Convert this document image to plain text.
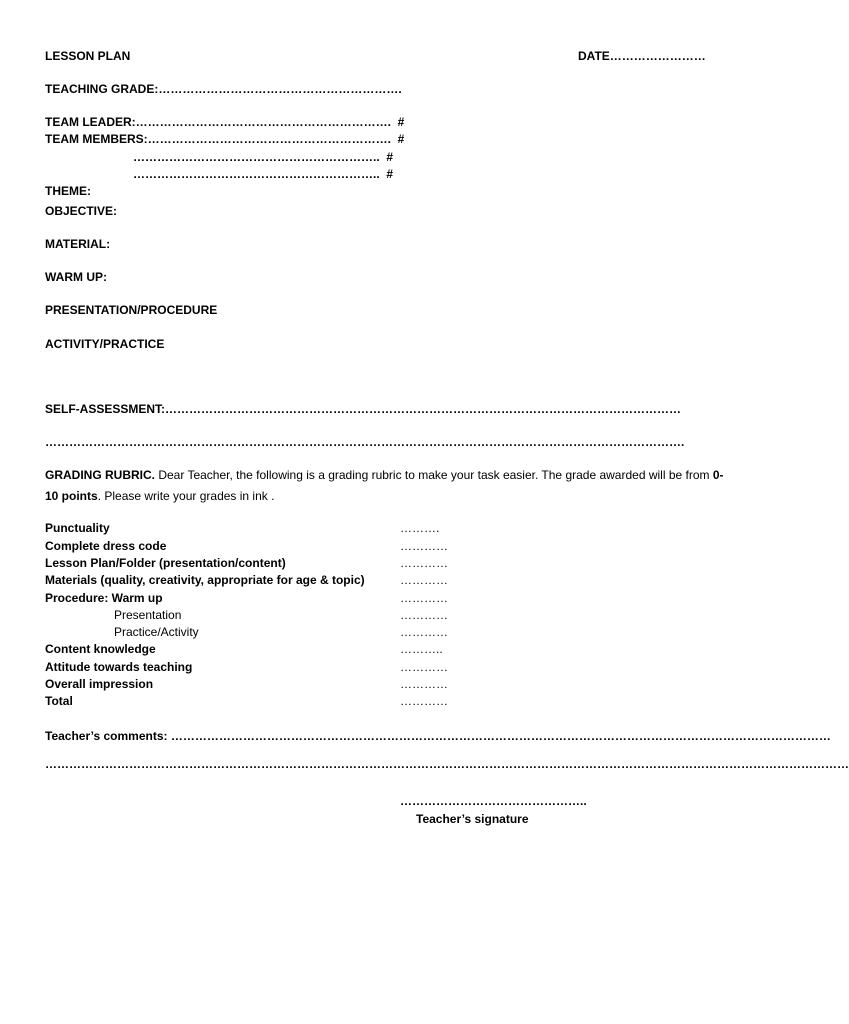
LESSON PLAN	DATE……………………
TEACHING GRADE:…………………………………………………….
TEAM LEADER:……………………………………………………….  #
TEAM MEMBERS:…………………………………………………….  #
……………………………………………………..  #
……………………………………………………..  #
THEME:
OBJECTIVE:
MATERIAL:
WARM UP:
PRESENTATION/PROCEDURE
ACTIVITY/PRACTICE
SELF-ASSESSMENT:…………………………………………………………………………………………………………………
…………………………………………………………………………………………………………………………………………….
GRADING RUBRIC. Dear Teacher, the following is a grading rubric to make your task easier. The grade awarded will be from 0-10 points. Please write your grades in ink .
Punctuality	……….
Complete dress code	…………
Lesson Plan/Folder (presentation/content)	…………
Materials (quality, creativity, appropriate for age & topic)	…………
Procedure: Warm up	…………
Presentation	…………
Practice/Activity	…………
Content knowledge	………..
Attitude towards teaching	…………
Overall impression	…………
Total	…………
Teacher’s comments: …………………………………………………………………………………………………………………………………………………
…………………………………………………………………………………………………………………………………………………………………………………
………………………………………..
Teacher’s signature
